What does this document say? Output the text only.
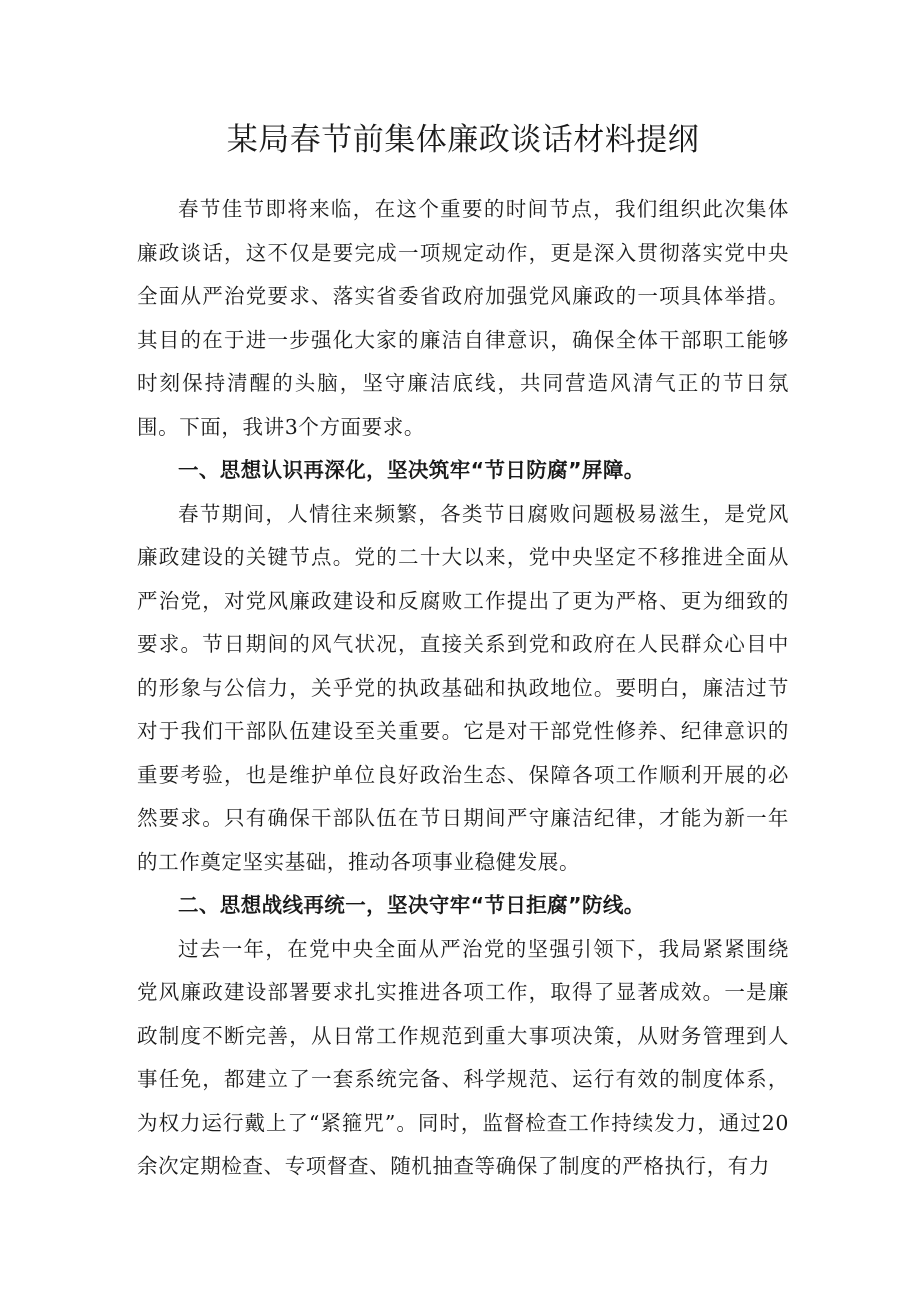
某局春节前集体廉政谈话材料提纲

春节佳节即将来临，在这个重要的时间节点，我们组织此次集体廉政谈话，这不仅是要完成一项规定动作，更是深入贯彻落实党中央全面从严治党要求、落实省委省政府加强党风廉政的一项具体举措。其目的在于进一步强化大家的廉洁自律意识，确保全体干部职工能够时刻保持清醒的头脑，坚守廉洁底线，共同营造风清气正的节日氛围。下面，我讲3个方面要求。

一、思想认识再深化，坚决筑牢“节日防腐”屏障。

春节期间，人情往来频繁，各类节日腐败问题极易滋生，是党风廉政建设的关键节点。党的二十大以来，党中央坚定不移推进全面从严治党，对党风廉政建设和反腐败工作提出了更为严格、更为细致的要求。节日期间的风气状况，直接关系到党和政府在人民群众心目中的形象与公信力，关乎党的执政基础和执政地位。要明白，廉洁过节对于我们干部队伍建设至关重要。它是对干部党性修养、纪律意识的重要考验，也是维护单位良好政治生态、保障各项工作顺利开展的必然要求。只有确保干部队伍在节日期间严守廉洁纪律，才能为新一年的工作奠定坚实基础，推动各项事业稳健发展。

二、思想战线再统一，坚决守牢“节日拒腐”防线。

过去一年，在党中央全面从严治党的坚强引领下，我局紧紧围绕党风廉政建设部署要求扎实推进各项工作，取得了显著成效。一是廉政制度不断完善，从日常工作规范到重大事项决策，从财务管理到人事任免，都建立了一套系统完备、科学规范、运行有效的制度体系，为权力运行戴上了“紧箍咒”。同时，监督检查工作持续发力，通过20余次定期检查、专项督查、随机抽查等确保了制度的严格执行，有力
